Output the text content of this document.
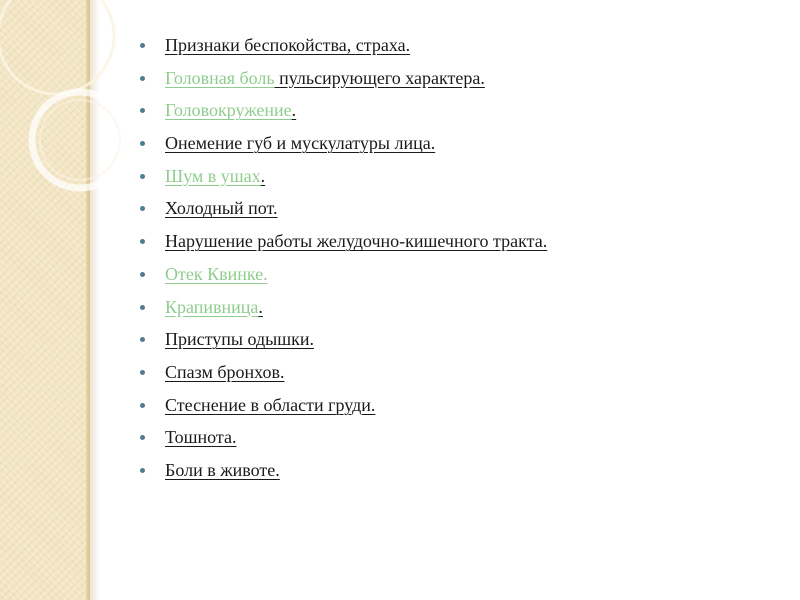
Признаки беспокойства, страха.
Головная боль пульсирующего характера.
Головокружение.
Онемение губ и мускулатуры лица.
Шум в ушах.
Холодный пот.
Нарушение работы желудочно-кишечного тракта.
Отек Квинке.
Крапивница.
Приступы одышки.
Спазм бронхов.
Стеснение в области груди.
Тошнота.
Боли в животе.
